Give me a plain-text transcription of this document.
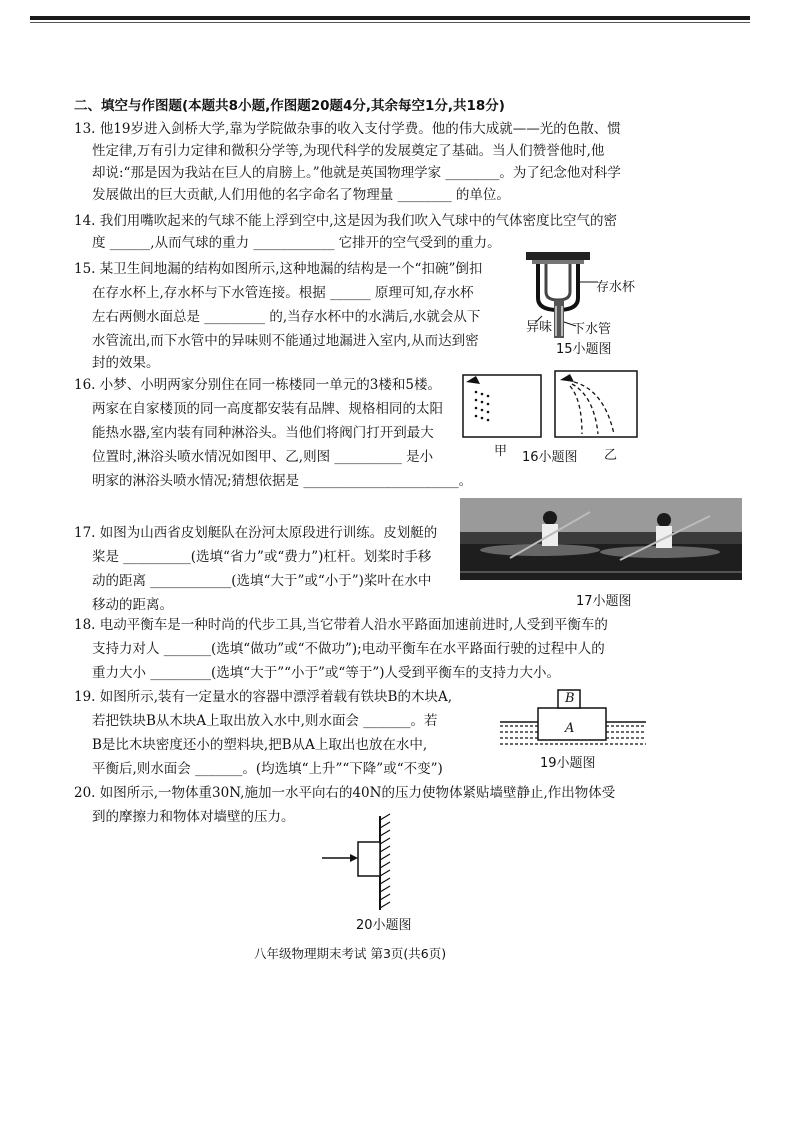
二、填空与作图题(本题共8小题,作图题20题4分,其余每空1分,共18分)
13. 他19岁进入剑桥大学,靠为学院做杂事的收入支付学费。他的伟大成就——光的色散、惯
性定律,万有引力定律和微积分学等,为现代科学的发展奠定了基础。当人们赞誉他时,他
却说:“那是因为我站在巨人的肩膀上。”他就是英国物理学家 ________。为了纪念他对科学
发展做出的巨大贡献,人们用他的名字命名了物理量 ________ 的单位。
14. 我们用嘴吹起来的气球不能上浮到空中,这是因为我们吹入气球中的气体密度比空气的密
度 ______,从而气球的重力 ____________ 它排开的空气受到的重力。
15. 某卫生间地漏的结构如图所示,这种地漏的结构是一个“扣碗”倒扣
在存水杯上,存水杯与下水管连接。根据 ______ 原理可知,存水杯
左右两侧水面总是 _________ 的,当存水杯中的水满后,水就会从下
水管流出,而下水管中的异味则不能通过地漏进入室内,从而达到密
封的效果。
存水杯
异味 下水管
15小题图
16. 小梦、小明两家分别住在同一栋楼同一单元的3楼和5楼。
两家在自家楼顶的同一高度都安装有品牌、规格相同的太阳
能热水器,室内装有同种淋浴头。当他们将阀门打开到最大
位置时,淋浴头喷水情况如图甲、乙,则图 __________ 是小
明家的淋浴头喷水情况;猜想依据是 _______________________。
甲	乙
16小题图
17. 如图为山西省皮划艇队在汾河太原段进行训练。皮划艇的
桨是 __________(选填“省力”或“费力”)杠杆。划桨时手移
动的距离 ____________(选填“大于”或“小于”)桨叶在水中
移动的距离。	17小题图
18. 电动平衡车是一种时尚的代步工具,当它带着人沿水平路面加速前进时,人受到平衡车的
支持力对人 _______(选填“做功”或“不做功”);电动平衡车在水平路面行驶的过程中人的
重力大小 _________(选填“大于”“小于”或“等于”)人受到平衡车的支持力大小。
19. 如图所示,装有一定量水的容器中漂浮着载有铁块B的木块A,
若把铁块B从木块A上取出放入水中,则水面会 _______。若
B是比木块密度还小的塑料块,把B从A上取出也放在水中,
平衡后,则水面会 _______。(均选填“上升”“下降”或“不变”)
B
A
19小题图
20. 如图所示,一物体重30N,施加一水平向右的40N的压力使物体紧贴墙壁静止,作出物体受
到的摩擦力和物体对墙壁的压力。
20小题图
八年级物理期末考试 第3页(共6页)
